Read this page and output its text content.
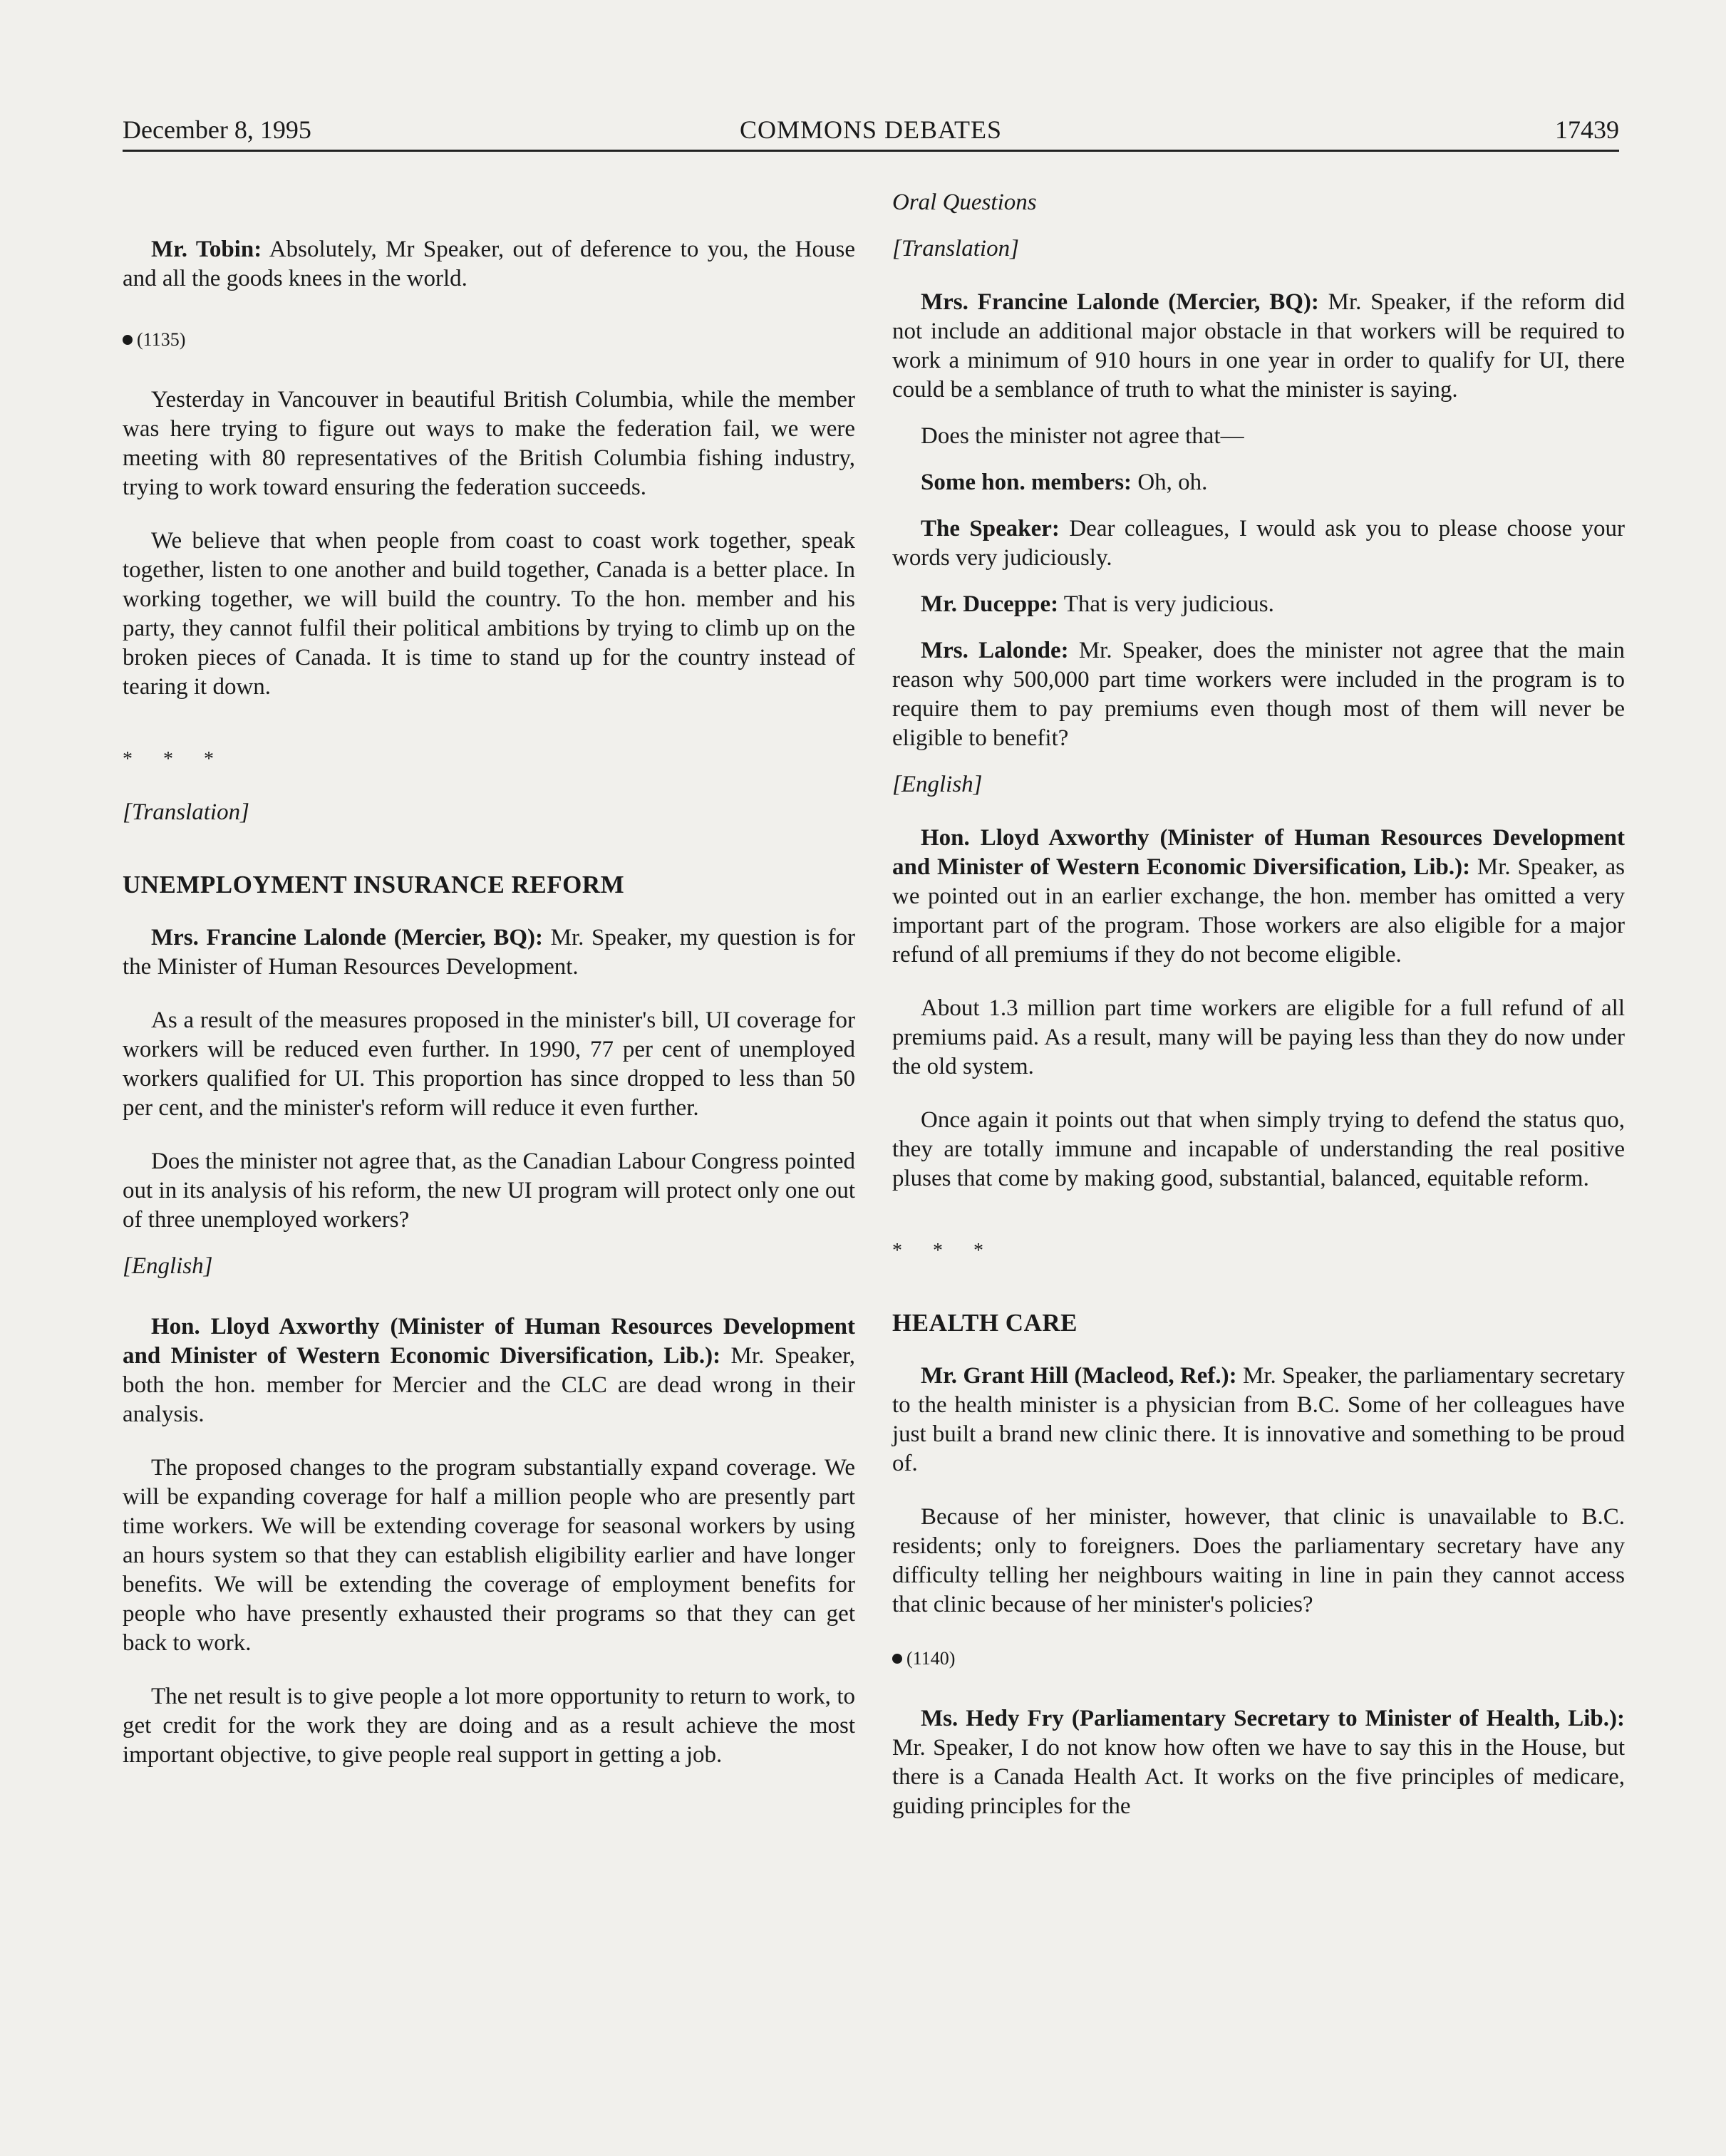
December 8, 1995	COMMONS DEBATES	17439

Mr. Tobin: Absolutely, Mr Speaker, out of deference to you, the House and all the goods knees in the world.

(1135)

Yesterday in Vancouver in beautiful British Columbia, while the member was here trying to figure out ways to make the federation fail, we were meeting with 80 representatives of the British Columbia fishing industry, trying to work toward ensuring the federation succeeds.

We believe that when people from coast to coast work together, speak together, listen to one another and build together, Canada is a better place. In working together, we will build the country. To the hon. member and his party, they cannot fulfil their political ambitions by trying to climb up on the broken pieces of Canada. It is time to stand up for the country instead of tearing it down.

* * *

[Translation]

UNEMPLOYMENT INSURANCE REFORM

Mrs. Francine Lalonde (Mercier, BQ): Mr. Speaker, my question is for the Minister of Human Resources Development.

As a result of the measures proposed in the minister's bill, UI coverage for workers will be reduced even further. In 1990, 77 per cent of unemployed workers qualified for UI. This proportion has since dropped to less than 50 per cent, and the minister's reform will reduce it even further.

Does the minister not agree that, as the Canadian Labour Congress pointed out in its analysis of his reform, the new UI program will protect only one out of three unemployed workers?

[English]

Hon. Lloyd Axworthy (Minister of Human Resources Development and Minister of Western Economic Diversification, Lib.): Mr. Speaker, both the hon. member for Mercier and the CLC are dead wrong in their analysis.

The proposed changes to the program substantially expand coverage. We will be expanding coverage for half a million people who are presently part time workers. We will be extending coverage for seasonal workers by using an hours system so that they can establish eligibility earlier and have longer benefits. We will be extending the coverage of employment benefits for people who have presently exhausted their programs so that they can get back to work.

The net result is to give people a lot more opportunity to return to work, to get credit for the work they are doing and as a result achieve the most important objective, to give people real support in getting a job.

Oral Questions

[Translation]

Mrs. Francine Lalonde (Mercier, BQ): Mr. Speaker, if the reform did not include an additional major obstacle in that workers will be required to work a minimum of 910 hours in one year in order to qualify for UI, there could be a semblance of truth to what the minister is saying.

Does the minister not agree that—

Some hon. members: Oh, oh.

The Speaker: Dear colleagues, I would ask you to please choose your words very judiciously.

Mr. Duceppe: That is very judicious.

Mrs. Lalonde: Mr. Speaker, does the minister not agree that the main reason why 500,000 part time workers were included in the program is to require them to pay premiums even though most of them will never be eligible to benefit?

[English]

Hon. Lloyd Axworthy (Minister of Human Resources Development and Minister of Western Economic Diversification, Lib.): Mr. Speaker, as we pointed out in an earlier exchange, the hon. member has omitted a very important part of the program. Those workers are also eligible for a major refund of all premiums if they do not become eligible.

About 1.3 million part time workers are eligible for a full refund of all premiums paid. As a result, many will be paying less than they do now under the old system.

Once again it points out that when simply trying to defend the status quo, they are totally immune and incapable of understanding the real positive pluses that come by making good, substantial, balanced, equitable reform.

* * *

HEALTH CARE

Mr. Grant Hill (Macleod, Ref.): Mr. Speaker, the parliamentary secretary to the health minister is a physician from B.C. Some of her colleagues have just built a brand new clinic there. It is innovative and something to be proud of.

Because of her minister, however, that clinic is unavailable to B.C. residents; only to foreigners. Does the parliamentary secretary have any difficulty telling her neighbours waiting in line in pain they cannot access that clinic because of her minister's policies?

(1140)

Ms. Hedy Fry (Parliamentary Secretary to Minister of Health, Lib.): Mr. Speaker, I do not know how often we have to say this in the House, but there is a Canada Health Act. It works on the five principles of medicare, guiding principles for the
